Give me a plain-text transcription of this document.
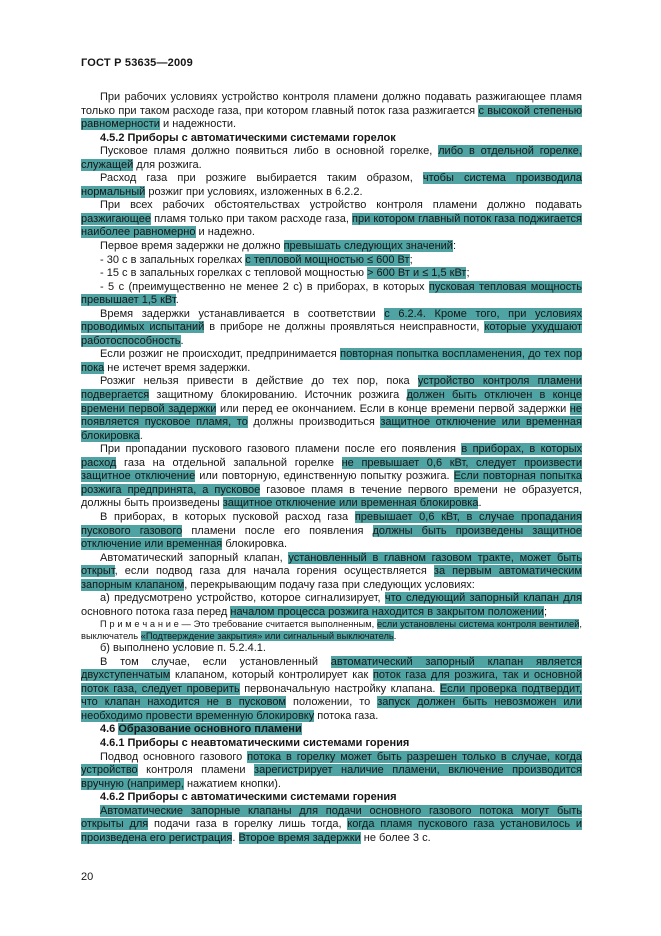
ГОСТ Р 53635—2009

При рабочих условиях устройство контроля пламени должно подавать разжигающее пламя только при таком расходе газа, при котором главный поток газа разжигается с высокой степенью равномерности и надежности.

4.5.2 Приборы с автоматическими системами горелок

Пусковое пламя должно появиться либо в основной горелке, либо в отдельной горелке, служащей для розжига.

Расход газа при розжиге выбирается таким образом, чтобы система производила нормальный розжиг при условиях, изложенных в 6.2.2.

При всех рабочих обстоятельствах устройство контроля пламени должно подавать разжигающее пламя только при таком расходе газа, при котором главный поток газа поджигается наиболее равномерно и надежно.

Первое время задержки не должно превышать следующих значений:

- 30 с в запальных горелках с тепловой мощностью ≤ 600 Вт;

- 15 с в запальных горелках с тепловой мощностью > 600 Вт и ≤ 1,5 кВт;

- 5 с (преимущественно не менее 2 с) в приборах, в которых пусковая тепловая мощность превышает 1,5 кВт.

Время задержки устанавливается в соответствии с 6.2.4. Кроме того, при условиях проводимых испытаний в приборе не должны проявляться неисправности, которые ухудшают работоспособность.

Если розжиг не происходит, предпринимается повторная попытка воспламенения, до тех пор пока не истечет время задержки.

Розжиг нельзя привести в действие до тех пор, пока устройство контроля пламени подвергается защитному блокированию. Источник розжига должен быть отключен в конце времени первой задержки или перед ее окончанием. Если в конце времени первой задержки не появляется пусковое пламя, то должны производиться защитное отключение или временная блокировка.

При пропадании пускового газового пламени после его появления в приборах, в которых расход газа на отдельной запальной горелке не превышает 0,6 кВт, следует произвести защитное отключение или повторную, единственную попытку розжига. Если повторная попытка розжига предпринята, а пусковое газовое пламя в течение первого времени не образуется, должны быть произведены защитное отключение или временная блокировка.

В приборах, в которых пусковой расход газа превышает 0,6 кВт, в случае пропадания пускового газового пламени после его появления должны быть произведены защитное отключение или временная блокировка.

Автоматический запорный клапан, установленный в главном газовом тракте, может быть открыт, если подвод газа для начала горения осуществляется за первым автоматическим запорным клапаном, перекрывающим подачу газа при следующих условиях:

а) предусмотрено устройство, которое сигнализирует, что следующий запорный клапан для основного потока газа перед началом процесса розжига находится в закрытом положении;

П р и м е ч а н и е — Это требование считается выполненным, если установлены система контроля вентилей, выключатель «Подтверждение закрытия» или сигнальный выключатель.

б) выполнено условие п. 5.2.4.1.

В том случае, если установленный автоматический запорный клапан является двухступенчатым клапаном, который контролирует как поток газа для розжига, так и основной поток газа, следует проверить первоначальную настройку клапана. Если проверка подтвердит, что клапан находится не в пусковом положении, то запуск должен быть невозможен или необходимо провести временную блокировку потока газа.

4.6 Образование основного пламени

4.6.1 Приборы с неавтоматическими системами горения

Подвод основного газового потока в горелку может быть разрешен только в случае, когда устройство контроля пламени зарегистрирует наличие пламени, включение производится вручную (например, нажатием кнопки).

4.6.2 Приборы с автоматическими системами горения

Автоматические запорные клапаны для подачи основного газового потока могут быть открыты для подачи газа в горелку лишь тогда, когда пламя пускового газа установилось и произведена его регистрация. Второе время задержки не более 3 с.

20
